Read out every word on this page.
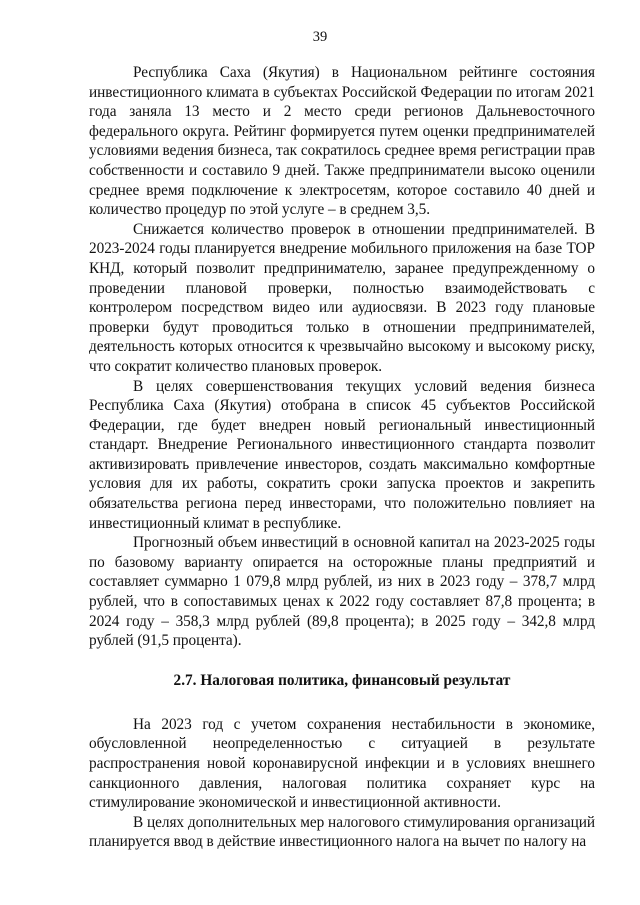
39

Республика Саха (Якутия) в Национальном рейтинге состояния инвестиционного климата в субъектах Российской Федерации по итогам 2021 года заняла 13 место и 2 место среди регионов Дальневосточного федерального округа. Рейтинг формируется путем оценки предпринимателей условиями ведения бизнеса, так сократилось среднее время регистрации прав собственности и составило 9 дней. Также предприниматели высоко оценили среднее время подключение к электросетям, которое составило 40 дней и количество процедур по этой услуге – в среднем 3,5.

Снижается количество проверок в отношении предпринимателей. В 2023-2024 годы планируется внедрение мобильного приложения на базе ТОР КНД, который позволит предпринимателю, заранее предупрежденному о проведении плановой проверки, полностью взаимодействовать с контролером посредством видео или аудиосвязи. В 2023 году плановые проверки будут проводиться только в отношении предпринимателей, деятельность которых относится к чрезвычайно высокому и высокому риску, что сократит количество плановых проверок.

В целях совершенствования текущих условий ведения бизнеса Республика Саха (Якутия) отобрана в список 45 субъектов Российской Федерации, где будет внедрен новый региональный инвестиционный стандарт. Внедрение Регионального инвестиционного стандарта позволит активизировать привлечение инвесторов, создать максимально комфортные условия для их работы, сократить сроки запуска проектов и закрепить обязательства региона перед инвесторами, что положительно повлияет на инвестиционный климат в республике.

Прогнозный объем инвестиций в основной капитал на 2023-2025 годы по базовому варианту опирается на осторожные планы предприятий и составляет суммарно 1 079,8 млрд рублей, из них в 2023 году – 378,7 млрд рублей, что в сопоставимых ценах к 2022 году составляет 87,8 процента; в 2024 году – 358,3 млрд рублей (89,8 процента); в 2025 году – 342,8 млрд рублей (91,5 процента).

2.7. Налоговая политика, финансовый результат

На 2023 год с учетом сохранения нестабильности в экономике, обусловленной неопределенностью с ситуацией в результате распространения новой коронавирусной инфекции и в условиях внешнего санкционного давления, налоговая политика сохраняет курс на стимулирование экономической и инвестиционной активности.

В целях дополнительных мер налогового стимулирования организаций планируется ввод в действие инвестиционного налога на вычет по налогу на
